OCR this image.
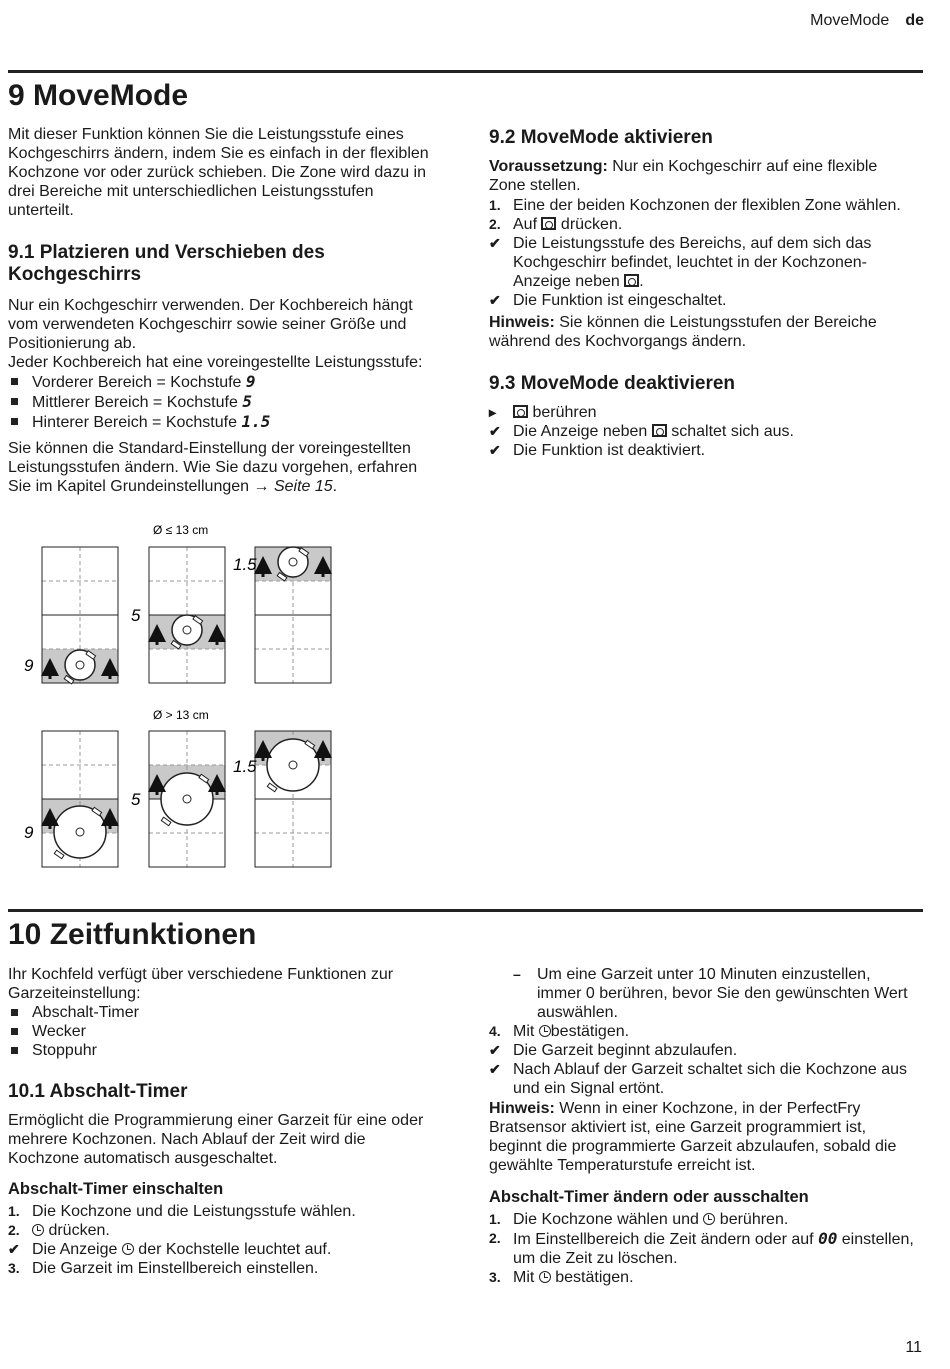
MoveMode de
9 MoveMode

Mit dieser Funktion können Sie die Leistungsstufe eines Kochgeschirrs ändern, indem Sie es einfach in der flexiblen Kochzone vor oder zurück schieben. Die Zone wird dazu in drei Bereiche mit unterschiedlichen Leistungsstufen unterteilt.

9.1 Platzieren und Verschieben des Kochgeschirrs

Nur ein Kochgeschirr verwenden. Der Kochbereich hängt vom verwendeten Kochgeschirr sowie seiner Größe und Positionierung ab.

Jeder Kochbereich hat eine voreingestellte Leistungsstufe:

Vorderer Bereich = Kochstufe 9
Mittlerer Bereich = Kochstufe 5
Hinterer Bereich = Kochstufe 1.5

Sie können die Standard-Einstellung der voreingestellten Leistungsstufen ändern. Wie Sie dazu vorgehen, erfahren Sie im Kapitel Grundeinstellungen → Seite 15.

Ø ≤ 13 cm
Ø > 13 cm
9
5
1.5
9
5
1.5
9.2 MoveMode aktivieren

Voraussetzung: Nur ein Kochgeschirr auf eine flexible Zone stellen.

1. Eine der beiden Kochzonen der flexiblen Zone wählen.
2. Auf  drücken.
✔ Die Leistungsstufe des Bereichs, auf dem sich das Kochgeschirr befindet, leuchtet in der Kochzonen-Anzeige neben .
✔ Die Funktion ist eingeschaltet.

Hinweis: Sie können die Leistungsstufen der Bereiche während des Kochvorgangs ändern.

9.3 MoveMode deaktivieren
▸	berühren
✔ Die Anzeige neben  schaltet sich aus.
✔ Die Funktion ist deaktiviert.
10 Zeitfunktionen

Ihr Kochfeld verfügt über verschiedene Funktionen zur Garzeiteinstellung:

Abschalt-Timer
Wecker
Stoppuhr
10.1 Abschalt-Timer

Ermöglicht die Programmierung einer Garzeit für eine oder mehrere Kochzonen. Nach Ablauf der Zeit wird die Kochzone automatisch ausgeschaltet.

Abschalt-Timer einschalten
1. Die Kochzone und die Leistungsstufe wählen.
2.	drücken.
✔ Die Anzeige  der Kochstelle leuchtet auf.
3. Die Garzeit im Einstellbereich einstellen.
–	Um eine Garzeit unter 10 Minuten einzustellen, immer 0 berühren, bevor Sie den gewünschten Wert auswählen.
4. Mit bestätigen.
✔ Die Garzeit beginnt abzulaufen.
✔ Nach Ablauf der Garzeit schaltet sich die Kochzone aus und ein Signal ertönt.

Hinweis: Wenn in einer Kochzone, in der PerfectFry Bratsensor aktiviert ist, eine Garzeit programmiert ist, beginnt die programmierte Garzeit abzulaufen, sobald die gewählte Temperaturstufe erreicht ist.

Abschalt-Timer ändern oder ausschalten
1. Die Kochzone wählen und  berühren.
2. Im Einstellbereich die Zeit ändern oder auf 00 einstellen, um die Zeit zu löschen.
3. Mit  bestätigen.
11
